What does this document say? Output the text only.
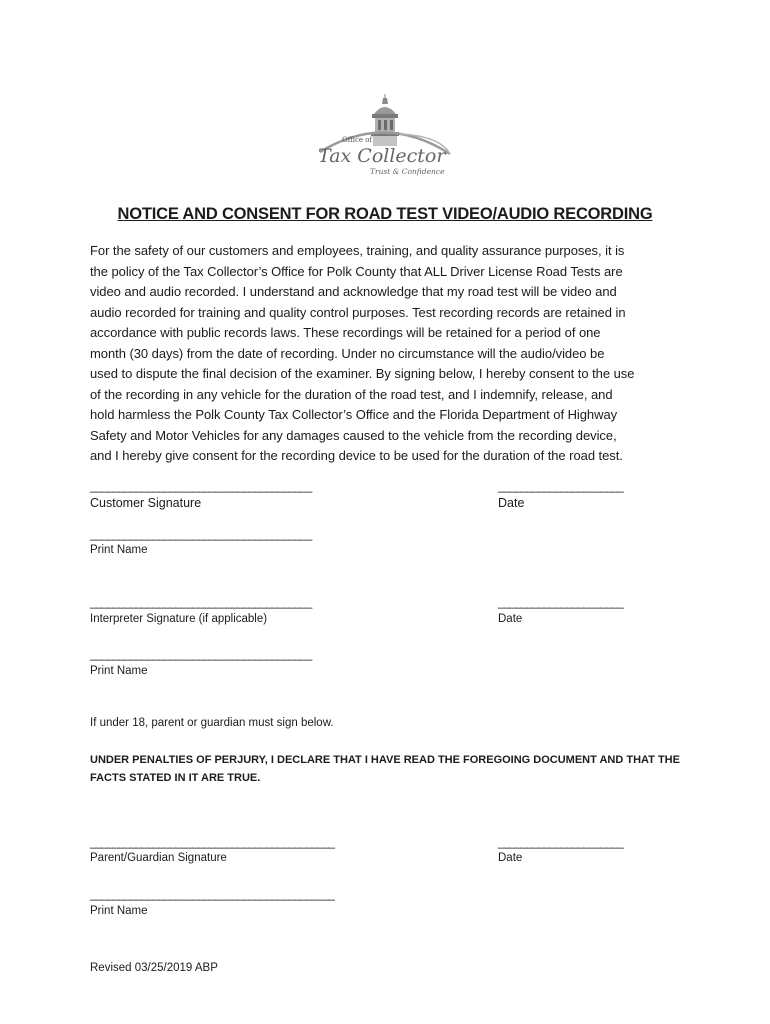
Office of
Tax Collector
Trust & Confidence
NOTICE AND CONSENT FOR ROAD TEST VIDEO/AUDIO RECORDING
For the safety of our customers and employees, training, and quality assurance purposes, it is
the policy of the Tax Collector’s Office for Polk County that ALL Driver License Road Tests are
video and audio recorded. I understand and acknowledge that my road test will be video and
audio recorded for training and quality control purposes. Test recording records are retained in
accordance with public records laws. These recordings will be retained for a period of one
month (30 days) from the date of recording. Under no circumstance will the audio/video be
used to dispute the final decision of the examiner. By signing below, I hereby consent to the use
of the recording in any vehicle for the duration of the road test, and I indemnify, release, and
hold harmless the Polk County Tax Collector’s Office and the Florida Department of Highway
Safety and Motor Vehicles for any damages caused to the vehicle from the recording device,
and I hereby give consent for the recording device to be used for the duration of the road test.
_______________________________________	______________________
Customer Signature	Date
_______________________________________
Print Name
_______________________________________	______________________
Interpreter Signature (if applicable)	Date
_______________________________________
Print Name
If under 18, parent or guardian must sign below.
UNDER PENALTIES OF PERJURY, I DECLARE THAT I HAVE READ THE FOREGOING DOCUMENT AND THAT THE FACTS STATED IN IT ARE TRUE.
___________________________________________	______________________
Parent/Guardian Signature	Date
___________________________________________
Print Name
Revised 03/25/2019 ABP
